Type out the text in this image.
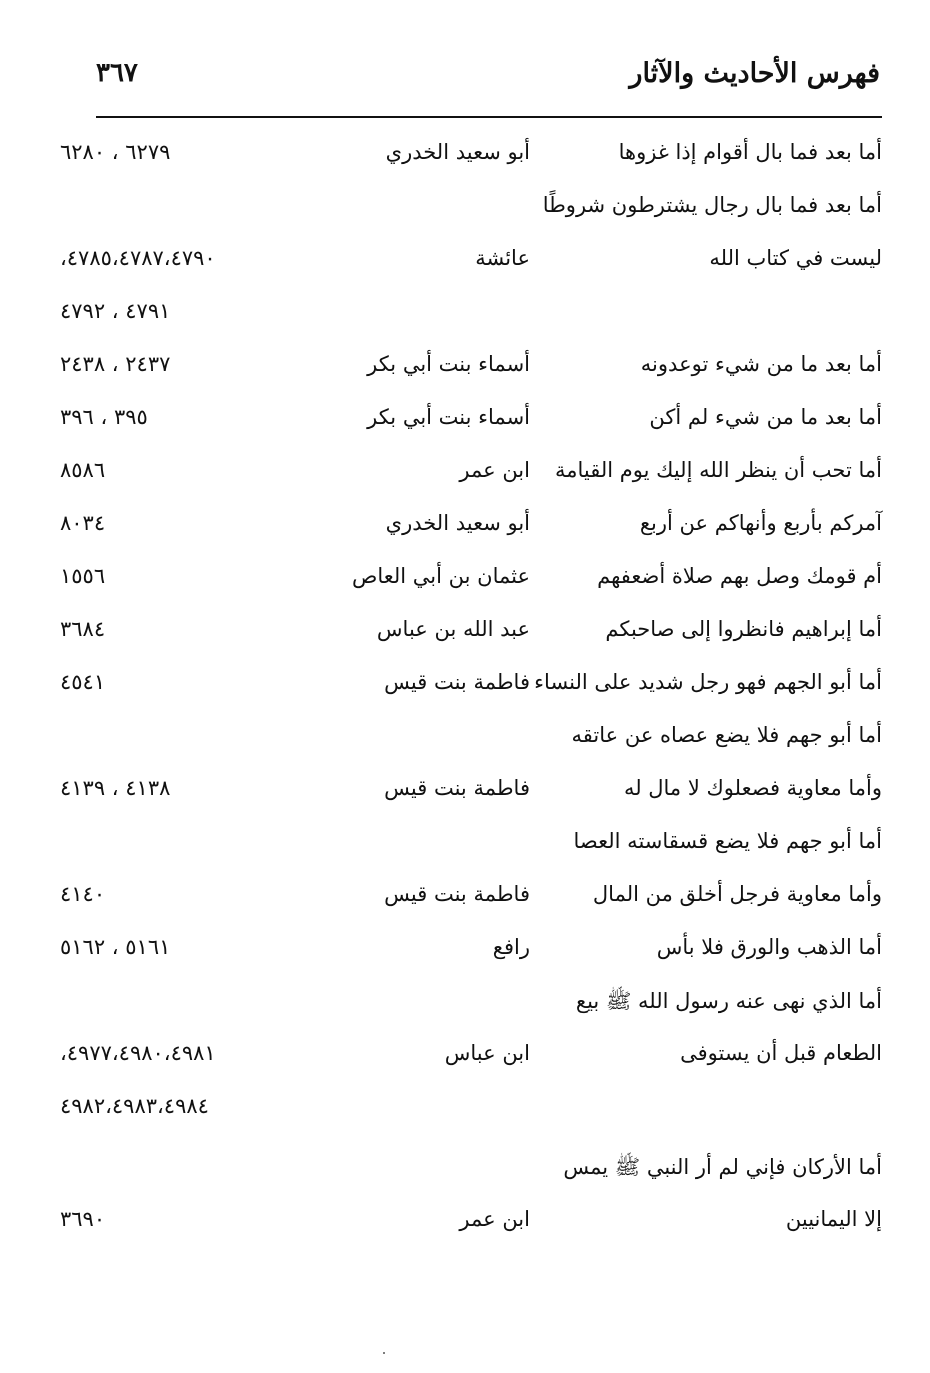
فهرس الأحاديث والآثار
٣٦٧
أما بعد فما بال أقوام إذا غزوها
أبو سعيد الخدري
٦٢٧٩ ، ٦٢٨٠
أما بعد فما بال رجال يشترطون شروطًا
ليست في كتاب الله
عائشة
٤٧٨٥،٤٧٨٧،٤٧٩٠،
٤٧٩١ ، ٤٧٩٢
أما بعد ما من شيء توعدونه
أسماء بنت أبي بكر
٢٤٣٧ ، ٢٤٣٨
أما بعد ما من شيء لم أكن
أسماء بنت أبي بكر
٣٩٥ ، ٣٩٦
أما تحب أن ينظر الله إليك يوم القيامة
ابن عمر
٨٥٨٦
آمركم بأربع وأنهاكم عن أربع
أبو سعيد الخدري
٨٠٣٤
أم قومك وصل بهم صلاة أضعفهم
عثمان بن أبي العاص
١٥٥٦
أما إبراهيم فانظروا إلى صاحبكم
عبد الله بن عباس
٣٦٨٤
أما أبو الجهم فهو رجل شديد على النساء
فاطمة بنت قيس
٤٥٤١
أما أبو جهم فلا يضع عصاه عن عاتقه
وأما معاوية فصعلوك لا مال له
فاطمة بنت قيس
٤١٣٨ ، ٤١٣٩
أما أبو جهم فلا يضع قسقاسته العصا
وأما معاوية فرجل أخلق من المال
فاطمة بنت قيس
٤١٤٠
أما الذهب والورق فلا بأس
رافع
٥١٦١ ، ٥١٦٢
أما الذي نهى عنه رسول الله ﷺ بيع
الطعام قبل أن يستوفى
ابن عباس
٤٩٧٧،٤٩٨٠،٤٩٨١،
٤٩٨٢،٤٩٨٣،٤٩٨٤
أما الأركان فإني لم أر النبي ﷺ يمس
إلا اليمانيين
ابن عمر
٣٦٩٠
